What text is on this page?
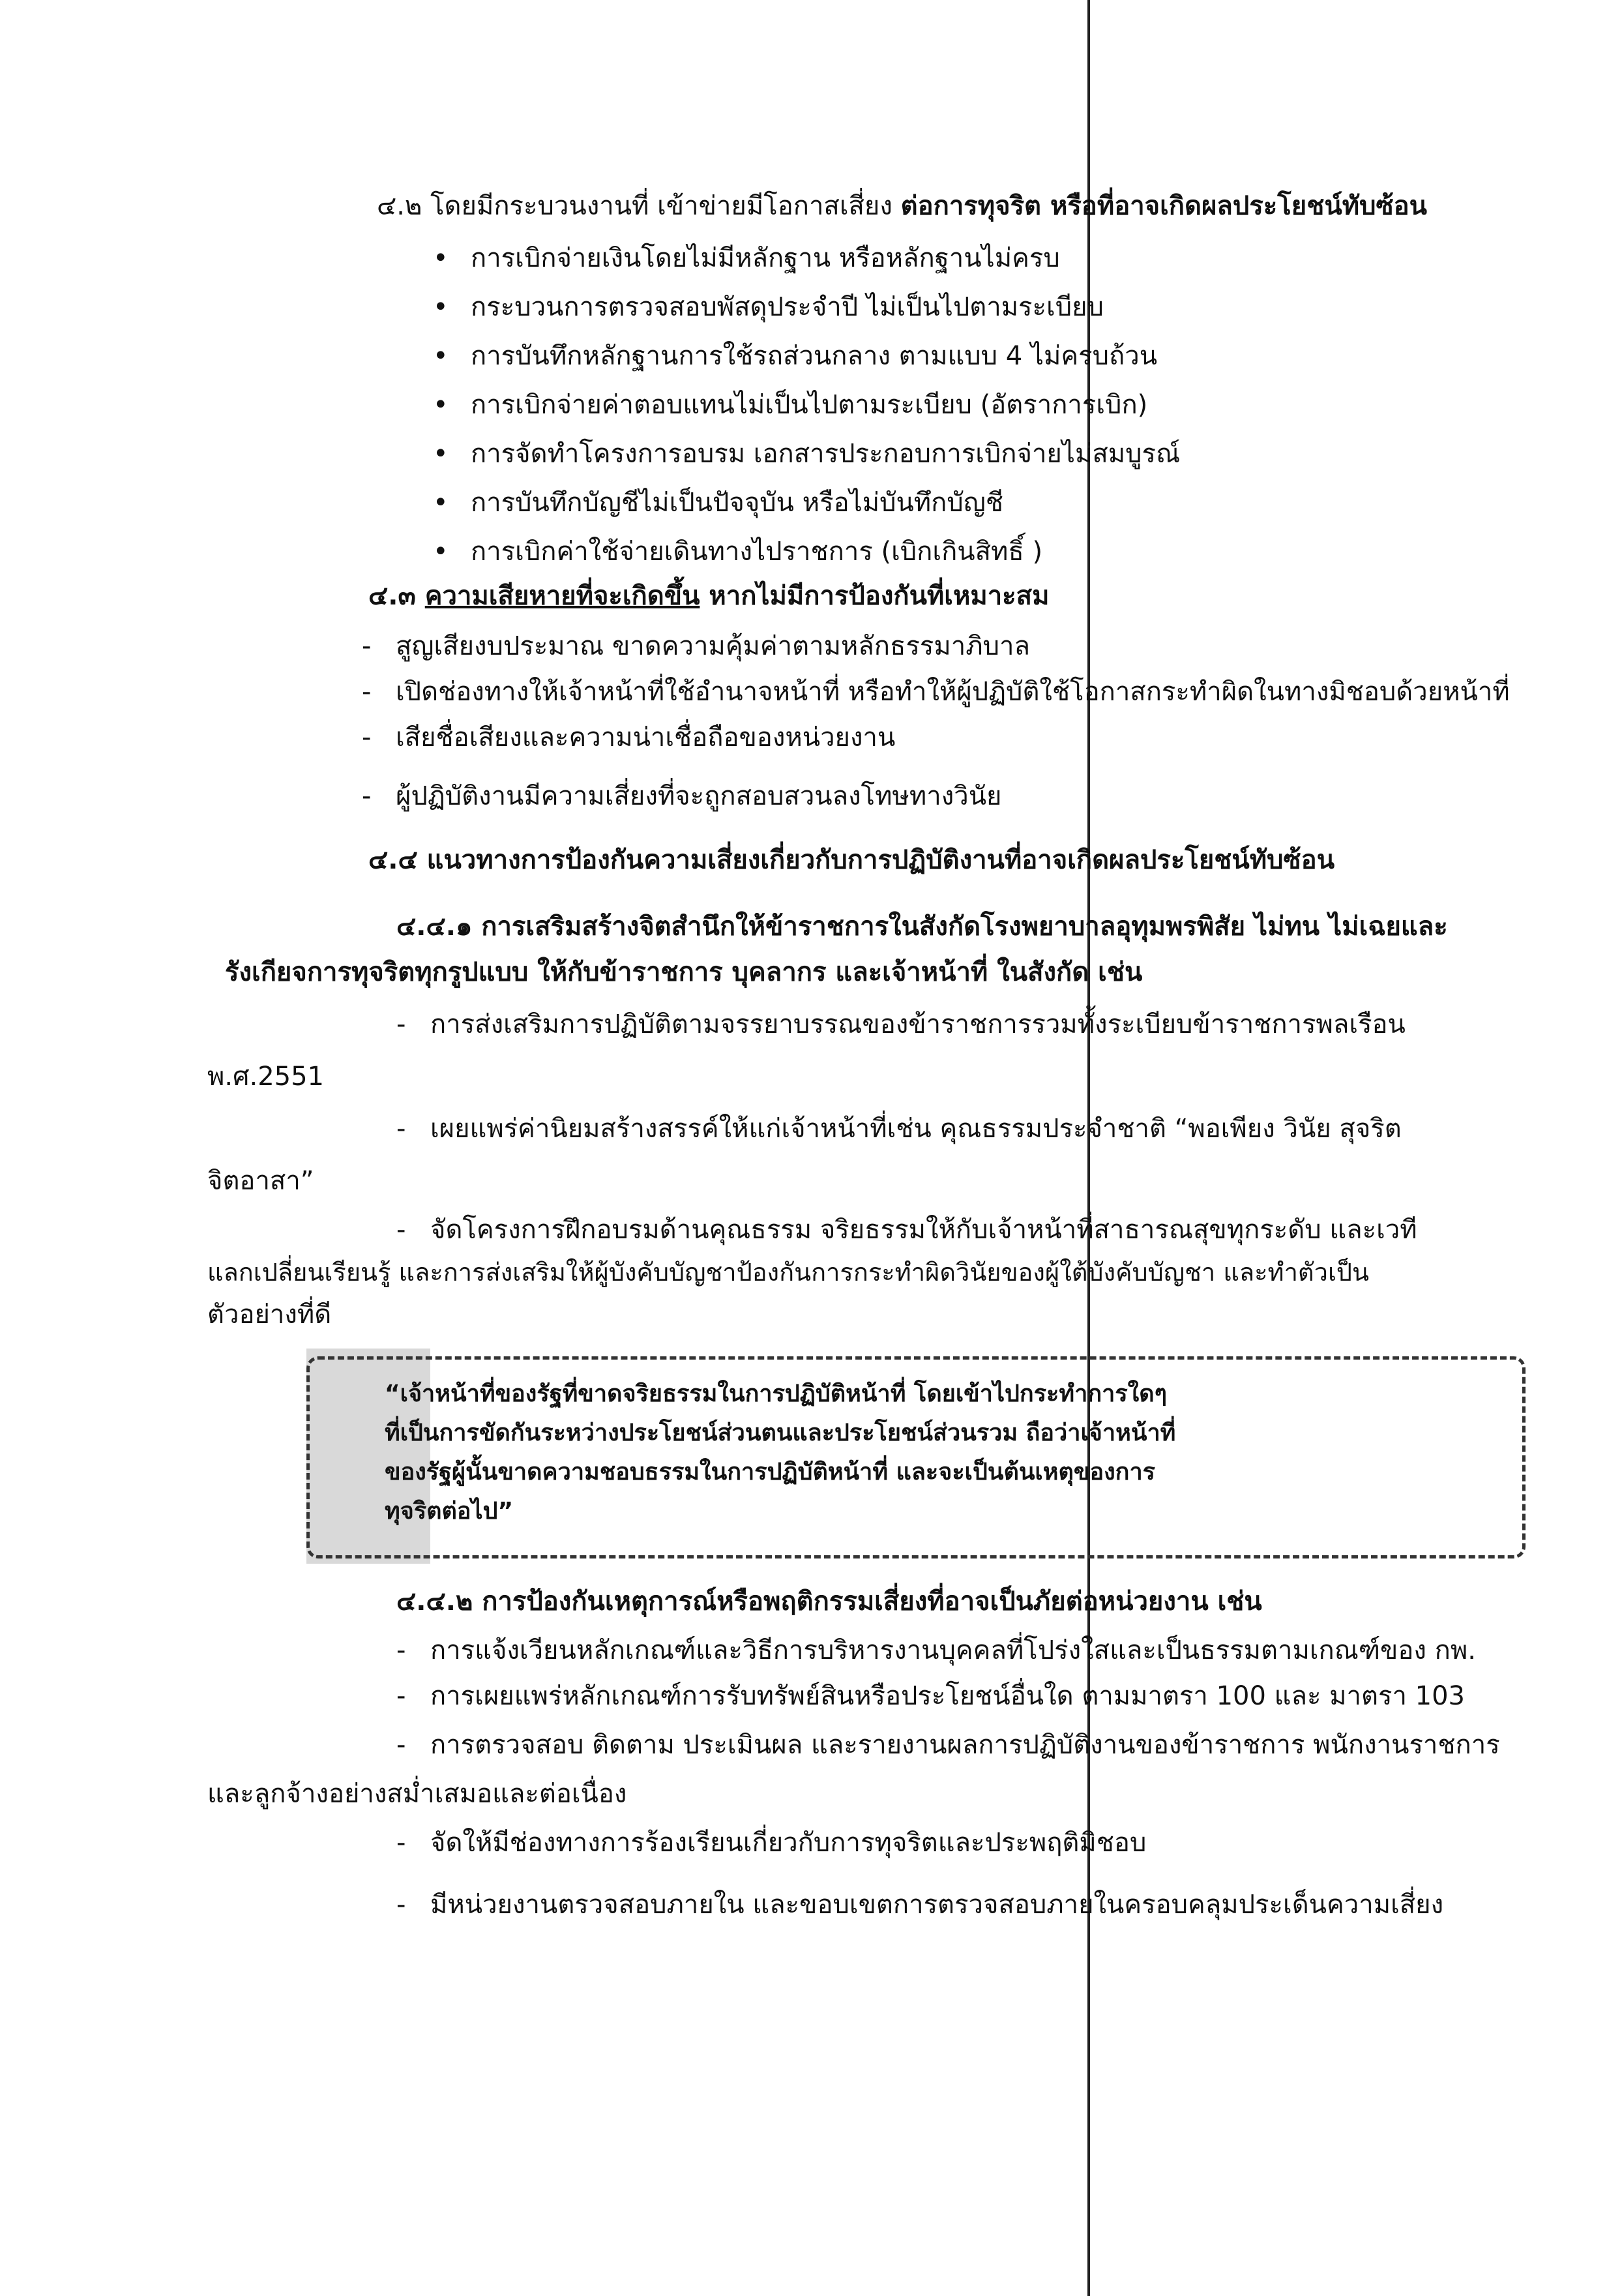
๔.๒ โดยมีกระบวนงานที่ เข้าข่ายมีโอกาสเสี่ยง ต่อการทุจริต หรือที่อาจเกิดผลประโยชน์ทับซ้อน
• การเบิกจ่ายเงินโดยไม่มีหลักฐาน หรือหลักฐานไม่ครบ
• กระบวนการตรวจสอบพัสดุประจำปี ไม่เป็นไปตามระเบียบ
• การบันทึกหลักฐานการใช้รถส่วนกลาง ตามแบบ 4 ไม่ครบถ้วน
• การเบิกจ่ายค่าตอบแทนไม่เป็นไปตามระเบียบ (อัตราการเบิก)
• การจัดทำโครงการอบรม เอกสารประกอบการเบิกจ่ายไม่สมบูรณ์
• การบันทึกบัญชีไม่เป็นปัจจุบัน หรือไม่บันทึกบัญชี
• การเบิกค่าใช้จ่ายเดินทางไปราชการ (เบิกเกินสิทธิ์ )
๔.๓ ความเสียหายที่จะเกิดขึ้น หากไม่มีการป้องกันที่เหมาะสม
- สูญเสียงบประมาณ ขาดความคุ้มค่าตามหลักธรรมาภิบาล
- เปิดช่องทางให้เจ้าหน้าที่ใช้อำนาจหน้าที่ หรือทำให้ผู้ปฏิบัติใช้โอกาสกระทำผิดในทางมิชอบด้วยหน้าที่
- เสียชื่อเสียงและความน่าเชื่อถือของหน่วยงาน
- ผู้ปฏิบัติงานมีความเสี่ยงที่จะถูกสอบสวนลงโทษทางวินัย
๔.๔ แนวทางการป้องกันความเสี่ยงเกี่ยวกับการปฏิบัติงานที่อาจเกิดผลประโยชน์ทับซ้อน
๔.๔.๑ การเสริมสร้างจิตสำนึกให้ข้าราชการในสังกัดโรงพยาบาลอุทุมพรพิสัย ไม่ทน ไม่เฉยและ
รังเกียจการทุจริตทุกรูปแบบ ให้กับข้าราชการ บุคลากร และเจ้าหน้าที่ ในสังกัด เช่น
- การส่งเสริมการปฏิบัติตามจรรยาบรรณของข้าราชการรวมทั้งระเบียบข้าราชการพลเรือน
พ.ศ.2551
- เผยแพร่ค่านิยมสร้างสรรค์ให้แก่เจ้าหน้าที่เช่น คุณธรรมประจำชาติ “พอเพียง วินัย สุจริต
จิตอาสา”
- จัดโครงการฝึกอบรมด้านคุณธรรม จริยธรรมให้กับเจ้าหน้าที่สาธารณสุขทุกระดับ และเวที
แลกเปลี่ยนเรียนรู้ และการส่งเสริมให้ผู้บังคับบัญชาป้องกันการกระทำผิดวินัยของผู้ใต้บังคับบัญชา และทำตัวเป็น
ตัวอย่างที่ดี
“เจ้าหน้าที่ของรัฐที่ขาดจริยธรรมในการปฏิบัติหน้าที่ โดยเข้าไปกระทำการใดๆ
ที่เป็นการขัดกันระหว่างประโยชน์ส่วนตนและประโยชน์ส่วนรวม ถือว่าเจ้าหน้าที่
ของรัฐผู้นั้นขาดความชอบธรรมในการปฏิบัติหน้าที่ และจะเป็นต้นเหตุของการ
ทุจริตต่อไป”
๔.๔.๒ การป้องกันเหตุการณ์หรือพฤติกรรมเสี่ยงที่อาจเป็นภัยต่อหน่วยงาน เช่น
- การแจ้งเวียนหลักเกณฑ์และวิธีการบริหารงานบุคคลที่โปร่งใสและเป็นธรรมตามเกณฑ์ของ กพ.
- การเผยแพร่หลักเกณฑ์การรับทรัพย์สินหรือประโยชน์อื่นใด ตามมาตรา 100 และ มาตรา 103
- การตรวจสอบ ติดตาม ประเมินผล และรายงานผลการปฏิบัติงานของข้าราชการ พนักงานราชการ
และลูกจ้างอย่างสม่ำเสมอและต่อเนื่อง
- จัดให้มีช่องทางการร้องเรียนเกี่ยวกับการทุจริตและประพฤติมิชอบ
- มีหน่วยงานตรวจสอบภายใน และขอบเขตการตรวจสอบภายในครอบคลุมประเด็นความเสี่ยง
